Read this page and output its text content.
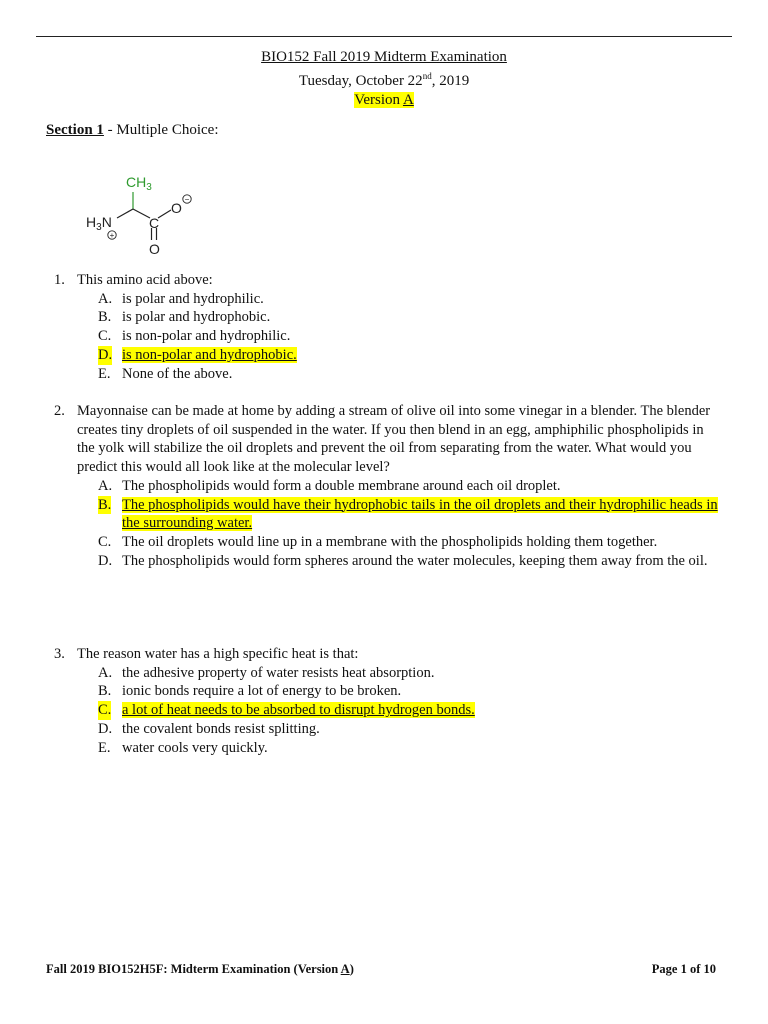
BIO152 Fall 2019 Midterm Examination
Tuesday, October 22nd, 2019
Version A
Section 1 - Multiple Choice:
$CH_3$
$H_3N$
+
C
O
−
O
1. This amino acid above:
A. is polar and hydrophilic.
B. is polar and hydrophobic.
C. is non-polar and hydrophilic.
D. is non-polar and hydrophobic.
E. None of the above.
2. Mayonnaise can be made at home by adding a stream of olive oil into some vinegar in a blender. The blender creates tiny droplets of oil suspended in the water. If you then blend in an egg, amphiphilic phospholipids in the yolk will stabilize the oil droplets and prevent the oil from separating from the water. What would you predict this would all look like at the molecular level?
A. The phospholipids would form a double membrane around each oil droplet.
B. The phospholipids would have their hydrophobic tails in the oil droplets and their hydrophilic heads in the surrounding water.
C. The oil droplets would line up in a membrane with the phospholipids holding them together.
D. The phospholipids would form spheres around the water molecules, keeping them away from the oil.
3. The reason water has a high specific heat is that:
A. the adhesive property of water resists heat absorption.
B. ionic bonds require a lot of energy to be broken.
C. a lot of heat needs to be absorbed to disrupt hydrogen bonds.
D. the covalent bonds resist splitting.
E. water cools very quickly.
Fall 2019 BIO152H5F: Midterm Examination (Version A)	Page 1 of 10
